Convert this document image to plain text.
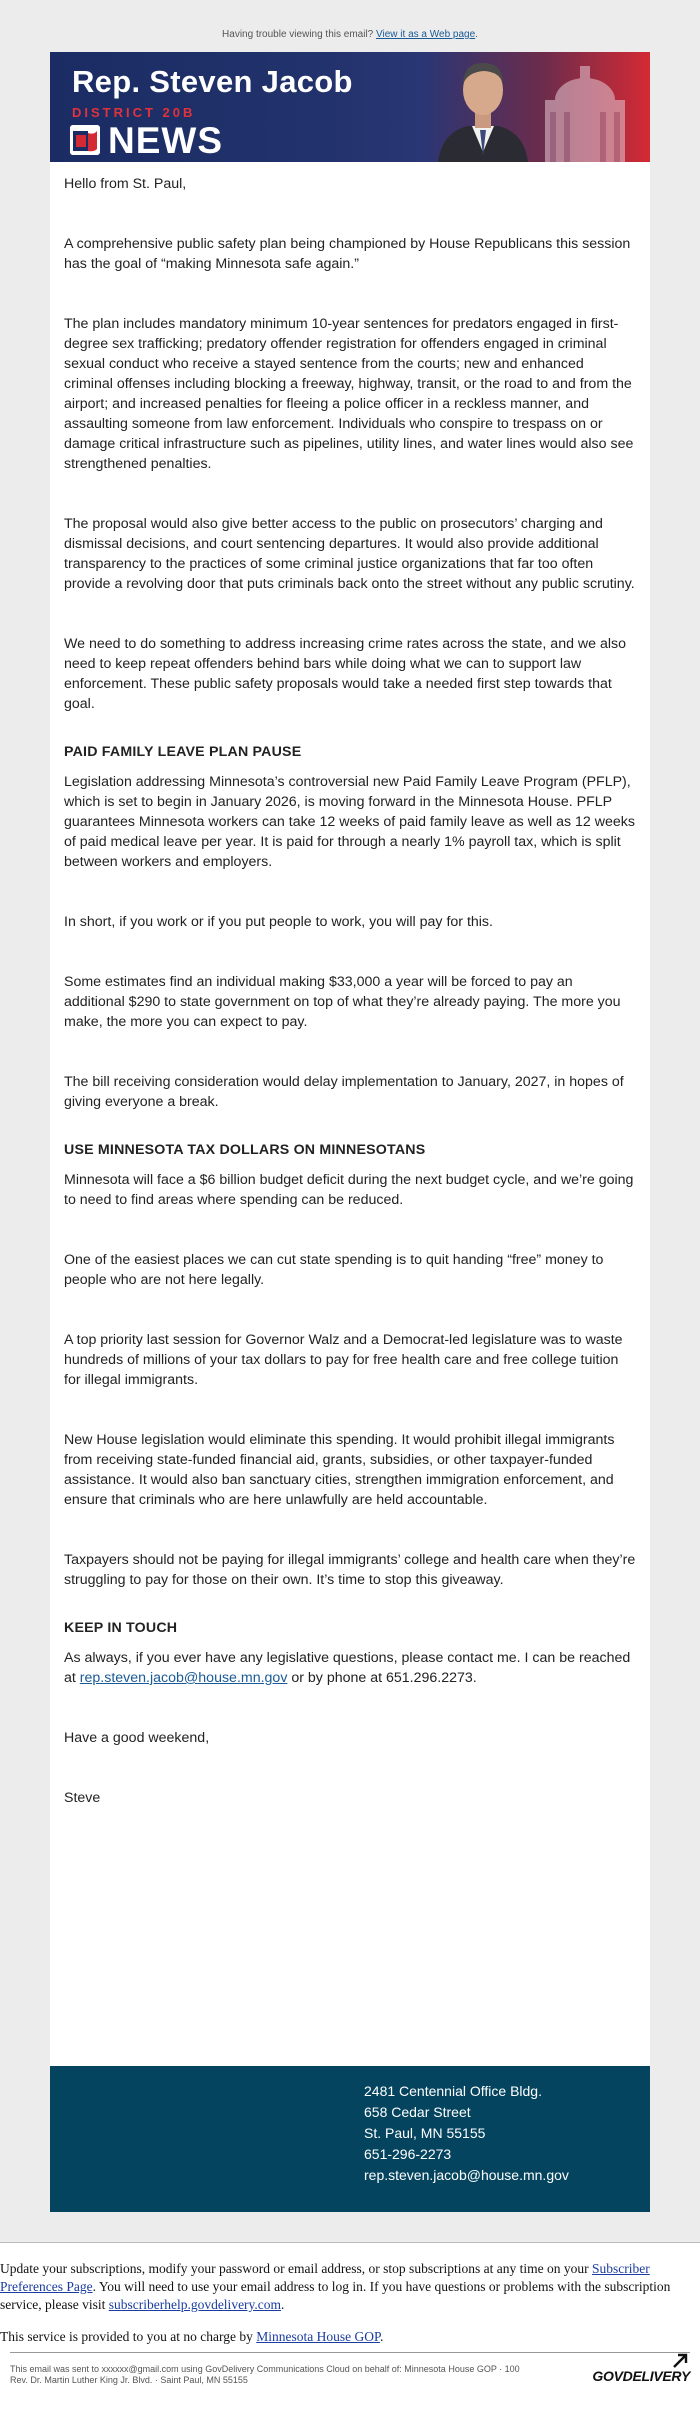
Having trouble viewing this email? View it as a Web page.
Rep. Steven Jacob
DISTRICT 20B
NEWS

Hello from St. Paul,

A comprehensive public safety plan being championed by House Republicans this session has the goal of “making Minnesota safe again.”

The plan includes mandatory minimum 10-year sentences for predators engaged in first-degree sex trafficking; predatory offender registration for offenders engaged in criminal sexual conduct who receive a stayed sentence from the courts; new and enhanced criminal offenses including blocking a freeway, highway, transit, or the road to and from the airport; and increased penalties for fleeing a police officer in a reckless manner, and assaulting someone from law enforcement. Individuals who conspire to trespass on or damage critical infrastructure such as pipelines, utility lines, and water lines would also see strengthened penalties.

The proposal would also give better access to the public on prosecutors’ charging and dismissal decisions, and court sentencing departures. It would also provide additional transparency to the practices of some criminal justice organizations that far too often provide a revolving door that puts criminals back onto the street without any public scrutiny.

We need to do something to address increasing crime rates across the state, and we also need to keep repeat offenders behind bars while doing what we can to support law enforcement. These public safety proposals would take a needed first step towards that goal.

PAID FAMILY LEAVE PLAN PAUSE

Legislation addressing Minnesota’s controversial new Paid Family Leave Program (PFLP), which is set to begin in January 2026, is moving forward in the Minnesota House. PFLP guarantees Minnesota workers can take 12 weeks of paid family leave as well as 12 weeks of paid medical leave per year. It is paid for through a nearly 1% payroll tax, which is split between workers and employers.

In short, if you work or if you put people to work, you will pay for this.

Some estimates find an individual making $33,000 a year will be forced to pay an additional $290 to state government on top of what they’re already paying. The more you make, the more you can expect to pay.

The bill receiving consideration would delay implementation to January, 2027, in hopes of giving everyone a break.

USE MINNESOTA TAX DOLLARS ON MINNESOTANS

Minnesota will face a $6 billion budget deficit during the next budget cycle, and we’re going to need to find areas where spending can be reduced.

One of the easiest places we can cut state spending is to quit handing “free” money to people who are not here legally.

A top priority last session for Governor Walz and a Democrat-led legislature was to waste hundreds of millions of your tax dollars to pay for free health care and free college tuition for illegal immigrants.

New House legislation would eliminate this spending. It would prohibit illegal immigrants from receiving state-funded financial aid, grants, subsidies, or other taxpayer-funded assistance. It would also ban sanctuary cities, strengthen immigration enforcement, and ensure that criminals who are here unlawfully are held accountable.

Taxpayers should not be paying for illegal immigrants’ college and health care when they’re struggling to pay for those on their own. It’s time to stop this giveaway.

KEEP IN TOUCH

As always, if you ever have any legislative questions, please contact me. I can be reached at rep.steven.jacob@house.mn.gov or by phone at 651.296.2273.

Have a good weekend,

Steve

2481 Centennial Office Bldg.
658 Cedar Street
St. Paul, MN 55155
651-296-2273
rep.steven.jacob@house.mn.gov

Update your subscriptions, modify your password or email address, or stop subscriptions at any time on your Subscriber Preferences Page. You will need to use your email address to log in. If you have questions or problems with the subscription service, please visit subscriberhelp.govdelivery.com.

This service is provided to you at no charge by Minnesota House GOP.

This email was sent to xxxxxx@gmail.com using GovDelivery Communications Cloud on behalf of: Minnesota House GOP · 100
Rev. Dr. Martin Luther King Jr. Blvd. · Saint Paul, MN 55155	GOVDELIVERY
